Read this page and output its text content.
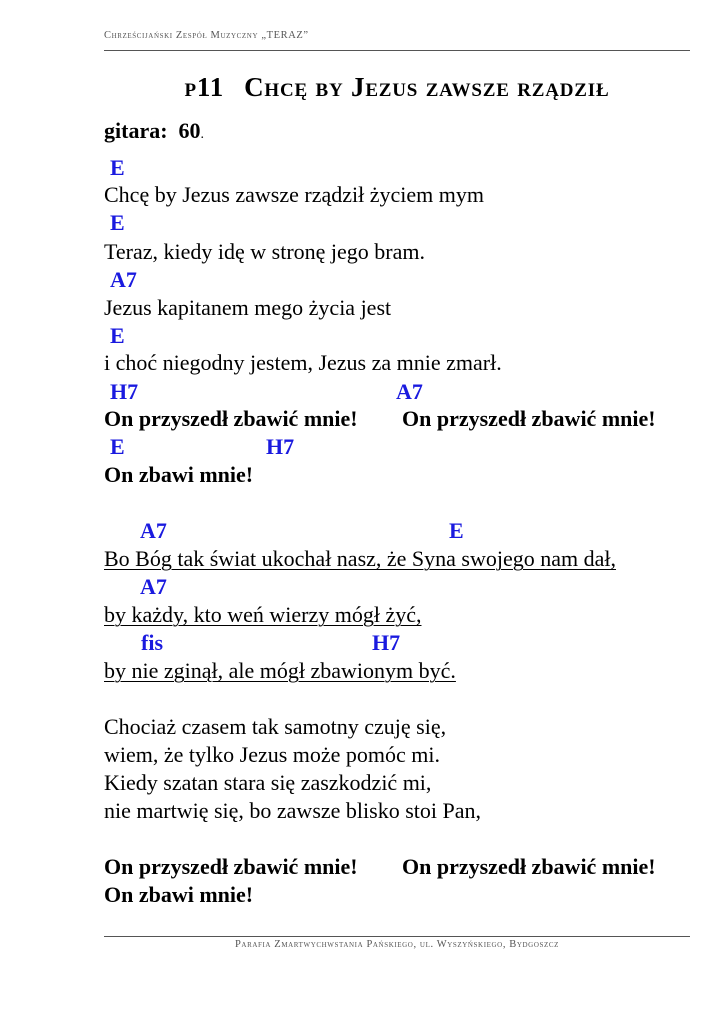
Chrześcijański Zespół Muzyczny „TERAZ”
p11 Chcę by Jezus zawsze rządził
gitara: 60.
E
Chcę by Jezus zawsze rządził życiem mym
E
Teraz, kiedy idę w stronę jego bram.
A7
Jezus kapitanem mego życia jest
E
i choć niegodny jestem, Jezus za mnie zmarł.
H7	A7
On przyszedł zbawić mnie! On przyszedł zbawić mnie!
E	H7
On zbawi mnie!
A7	E
Bo Bóg tak świat ukochał nasz, że Syna swojego nam dał,
A7
by każdy, kto weń wierzy mógł żyć,
fis	H7
by nie zginął, ale mógł zbawionym być.
Chociaż czasem tak samotny czuję się,
wiem, że tylko Jezus może pomóc mi.
Kiedy szatan stara się zaszkodzić mi,
nie martwię się, bo zawsze blisko stoi Pan,
On przyszedł zbawić mnie! On przyszedł zbawić mnie!
On zbawi mnie!
Parafia Zmartwychwstania Pańskiego, ul. Wyszyńskiego, Bydgoszcz
